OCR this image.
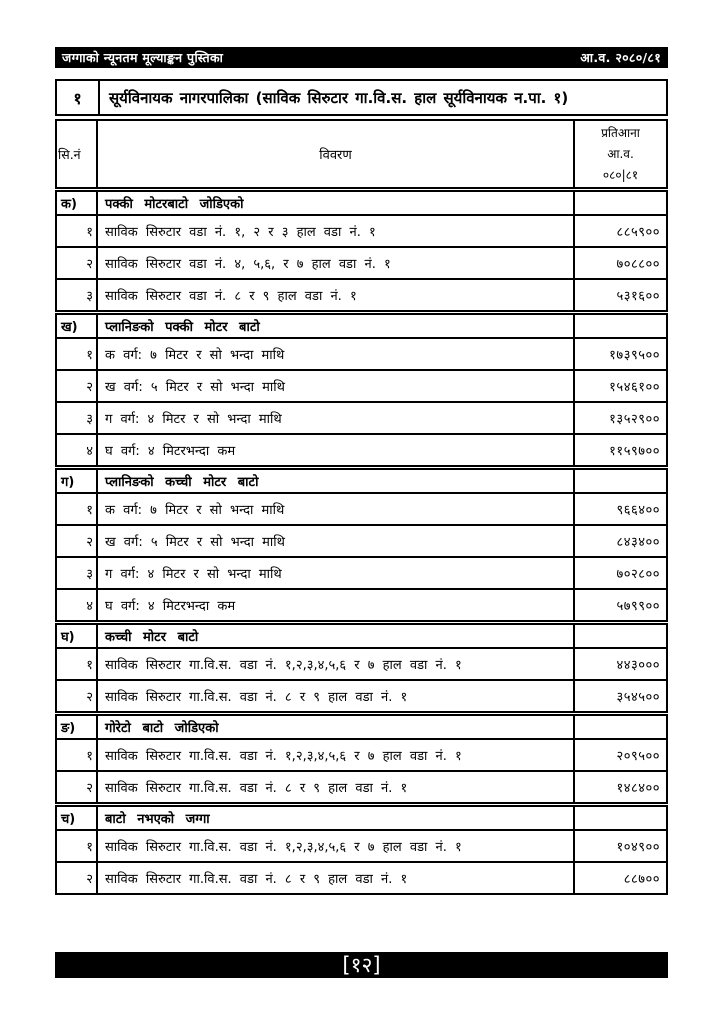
जग्गाको न्यूनतम मूल्याङ्कन पुस्तिका	आ.व. २०८०/८१
१	सूर्यविनायक नागरपालिका (साविक सिरुटार गा.वि.स. हाल सूर्यविनायक न.पा. १)
सि.नं	विवरण	प्रतिआना
आ.व.
०८०|८१

क)	पक्की मोटरबाटो जोडिएको	
१	साविक सिरुटार वडा नं. १, २ र ३ हाल वडा नं. १	८८५९००
२	साविक सिरुटार वडा नं. ४, ५,६, र ७ हाल वडा नं. १	७०८८००
३	साविक सिरुटार वडा नं. ८ र ९ हाल वडा नं. १	५३१६००
ख)	प्लानिङको पक्की मोटर बाटो	
१	क वर्ग: ७ मिटर र सो भन्दा माथि	१७३९५००
२	ख वर्ग: ५ मिटर र सो भन्दा माथि	१५४६१००
३	ग वर्ग: ४ मिटर र सो भन्दा माथि	१३५२९००
४	घ वर्ग: ४ मिटरभन्दा कम	११५९७००
ग)	प्लानिङको कच्ची मोटर बाटो	
१	क वर्ग: ७ मिटर र सो भन्दा माथि	९६६४००
२	ख वर्ग: ५ मिटर र सो भन्दा माथि	८४३४००
३	ग वर्ग: ४ मिटर र सो भन्दा माथि	७०२८००
४	घ वर्ग: ४ मिटरभन्दा कम	५७९९००
घ)	कच्ची मोटर बाटो	
१	साविक सिरुटार गा.वि.स. वडा नं. १,२,३,४,५,६ र ७ हाल वडा नं. १	४४३०००
२	साविक सिरुटार गा.वि.स. वडा नं. ८ र ९ हाल वडा नं. १	३५४५००
ङ)	गोरेटो बाटो जोडिएको	
१	साविक सिरुटार गा.वि.स. वडा नं. १,२,३,४,५,६ र ७ हाल वडा नं. १	२०९५००
२	साविक सिरुटार गा.वि.स. वडा नं. ८ र ९ हाल वडा नं. १	१४८४००
च)	बाटो नभएको जग्गा	
१	साविक सिरुटार गा.वि.स. वडा नं. १,२,३,४,५,६ र ७ हाल वडा नं. १	१०४९००
२	साविक सिरुटार गा.वि.स. वडा नं. ८ र ९ हाल वडा नं. १	८८७००
[१२]
